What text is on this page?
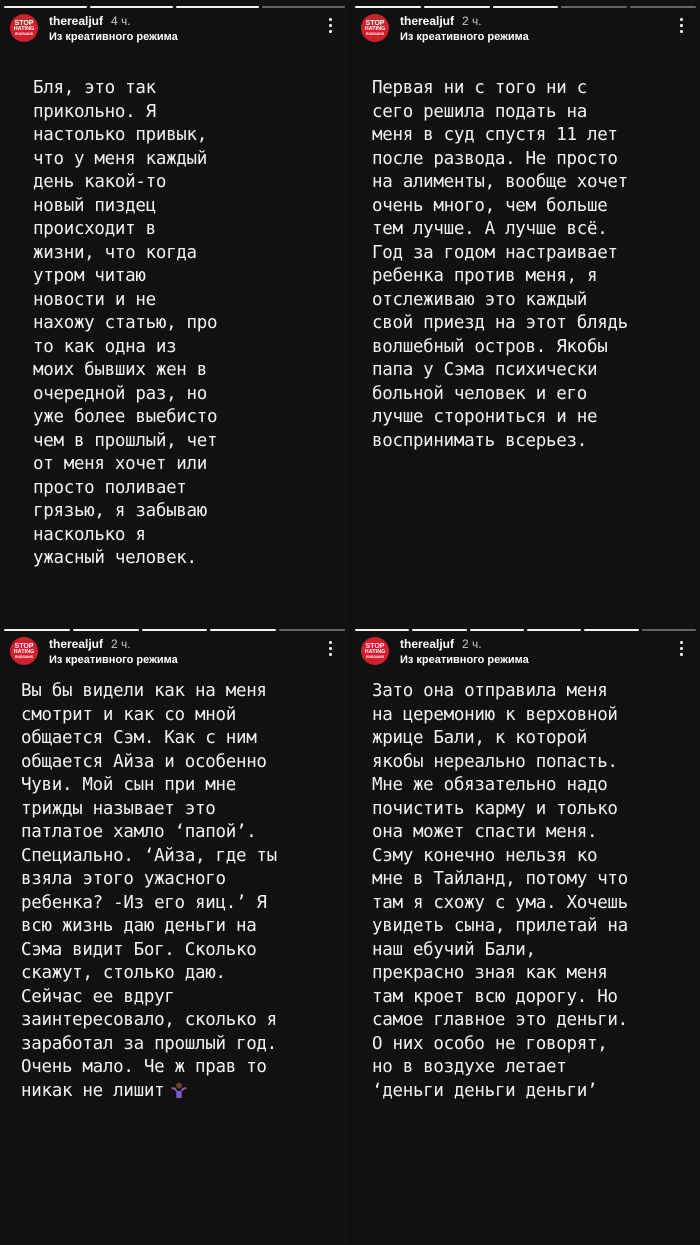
STOP
HATING
RUSSIANS
therealjuf 4 ч.
Из креативного режима
Бля, это так
прикольно. Я
настолько привык,
что у меня каждый
день какой-то
новый пиздец
происходит в
жизни, что когда
утром читаю
новости и не
нахожу статью, про
то как одна из
моих бывших жен в
очередной раз, но
уже более выебисто
чем в прошлый, чет
от меня хочет или
просто поливает
грязью, я забываю
насколько я
ужасный человек.
STOP
HATING
RUSSIANS
therealjuf 2 ч.
Из креативного режима
Первая ни с того ни с
сего решила подать на
меня в суд спустя 11 лет
после развода. Не просто
на алименты, вообще хочет
очень много, чем больше
тем лучше. А лучше всё.
Год за годом настраивает
ребенка против меня, я
отслеживаю это каждый
свой приезд на этот блядь
волшебный остров. Якобы
папа у Сэма психически
больной человек и его
лучше сторониться и не
воспринимать всерьез.
STOP
HATING
RUSSIANS
therealjuf 2 ч.
Из креативного режима
Вы бы видели как на меня
смотрит и как со мной
общается Сэм. Как с ним
общается Айза и особенно
Чуви. Мой сын при мне
трижды называет это
патлатое хамло ‘папой’.
Специально. ‘Айза, где ты
взяла этого ужасного
ребенка? -Из его яиц.’ Я
всю жизнь даю деньги на
Сэма видит Бог. Сколько
скажут, столько даю.
Сейчас ее вдруг
заинтересовало, сколько я
заработал за прошлый год.
Очень мало. Че ж прав то
никак не лишит
STOP
HATING
RUSSIANS
therealjuf 2 ч.
Из креативного режима
Зато она отправила меня
на церемонию к верховной
жрице Бали, к которой
якобы нереально попасть.
Мне же обязательно надо
почистить карму и только
она может спасти меня.
Сэму конечно нельзя ко
мне в Тайланд, потому что
там я схожу с ума. Хочешь
увидеть сына, прилетай на
наш ебучий Бали,
прекрасно зная как меня
там кроет всю дорогу. Но
самое главное это деньги.
О них особо не говорят,
но в воздухе летает
‘деньги деньги деньги’
